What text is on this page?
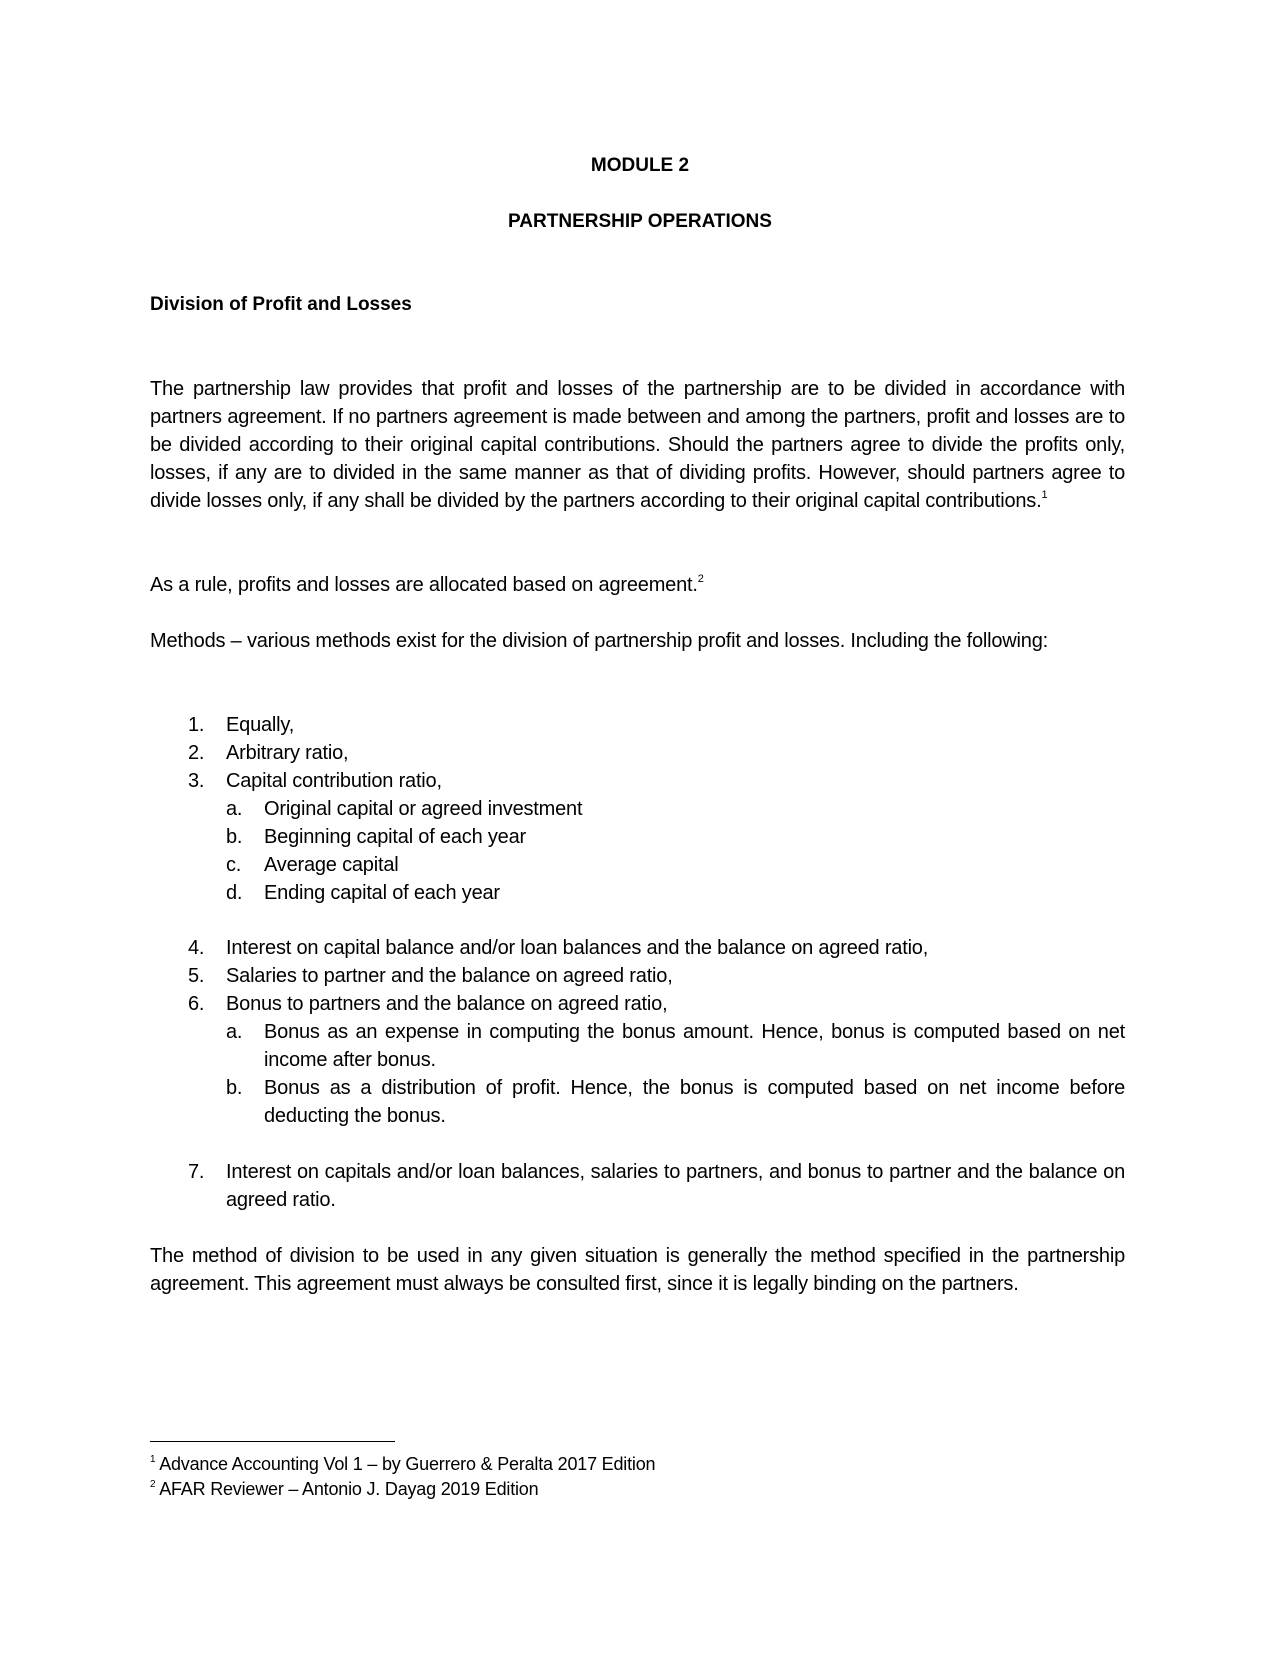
MODULE 2
PARTNERSHIP OPERATIONS
Division of Profit and Losses

The partnership law provides that profit and losses of the partnership are to be divided in accordance with partners agreement. If no partners agreement is made between and among the partners, profit and losses are to be divided according to their original capital contributions. Should the partners agree to divide the profits only, losses, if any are to divided in the same manner as that of dividing profits. However, should partners agree to divide losses only, if any shall be divided by the partners according to their original capital contributions.$^1$

As a rule, profits and losses are allocated based on agreement.$^2$

Methods – various methods exist for the division of partnership profit and losses. Including the following:

1.	Equally,
2.	Arbitrary ratio,
3.	Capital contribution ratio,
a.	Original capital or agreed investment
b.	Beginning capital of each year
c.	Average capital
d.	Ending capital of each year
4.	Interest on capital balance and/or loan balances and the balance on agreed ratio,
5.	Salaries to partner and the balance on agreed ratio,
6.	Bonus to partners and the balance on agreed ratio,
a.	Bonus as an expense in computing the bonus amount. Hence, bonus is computed based on net income after bonus.
b.	Bonus as a distribution of profit. Hence, the bonus is computed based on net income before deducting the bonus.
7.	Interest on capitals and/or loan balances, salaries to partners, and bonus to partner and the balance on agreed ratio.

The method of division to be used in any given situation is generally the method specified in the partnership agreement. This agreement must always be consulted first, since it is legally binding on the partners.

$^1$ Advance Accounting Vol 1 – by Guerrero & Peralta 2017 Edition
$^2$ AFAR Reviewer – Antonio J. Dayag 2019 Edition
